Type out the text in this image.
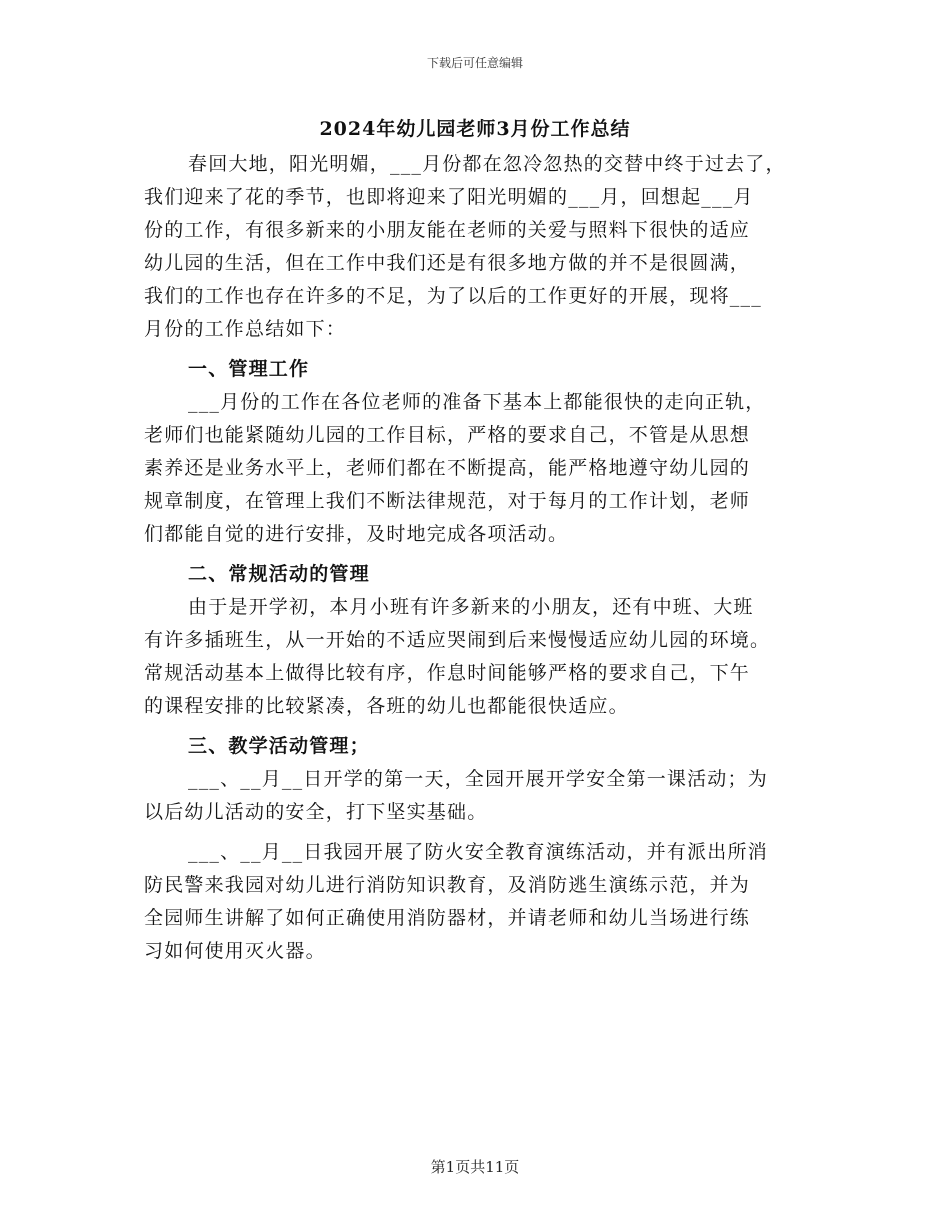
下载后可任意编辑
2024年幼儿园老师3月份工作总结
春回大地，阳光明媚，___月份都在忽冷忽热的交替中终于过去了，
我们迎来了花的季节，也即将迎来了阳光明媚的___月，回想起___月
份的工作，有很多新来的小朋友能在老师的关爱与照料下很快的适应
幼儿园的生活，但在工作中我们还是有很多地方做的并不是很圆满，
我们的工作也存在许多的不足，为了以后的工作更好的开展，现将___
月份的工作总结如下：
一、管理工作
___月份的工作在各位老师的准备下基本上都能很快的走向正轨，
老师们也能紧随幼儿园的工作目标，严格的要求自己，不管是从思想
素养还是业务水平上，老师们都在不断提高，能严格地遵守幼儿园的
规章制度，在管理上我们不断法律规范，对于每月的工作计划，老师
们都能自觉的进行安排，及时地完成各项活动。
二、常规活动的管理
由于是开学初，本月小班有许多新来的小朋友，还有中班、大班
有许多插班生，从一开始的不适应哭闹到后来慢慢适应幼儿园的环境。
常规活动基本上做得比较有序，作息时间能够严格的要求自己，下午
的课程安排的比较紧凑，各班的幼儿也都能很快适应。
三、教学活动管理；
___、__月__日开学的第一天，全园开展开学安全第一课活动；为
以后幼儿活动的安全，打下坚实基础。
___、__月__日我园开展了防火安全教育演练活动，并有派出所消
防民警来我园对幼儿进行消防知识教育，及消防逃生演练示范，并为
全园师生讲解了如何正确使用消防器材，并请老师和幼儿当场进行练
习如何使用灭火器。
第1页共11页
